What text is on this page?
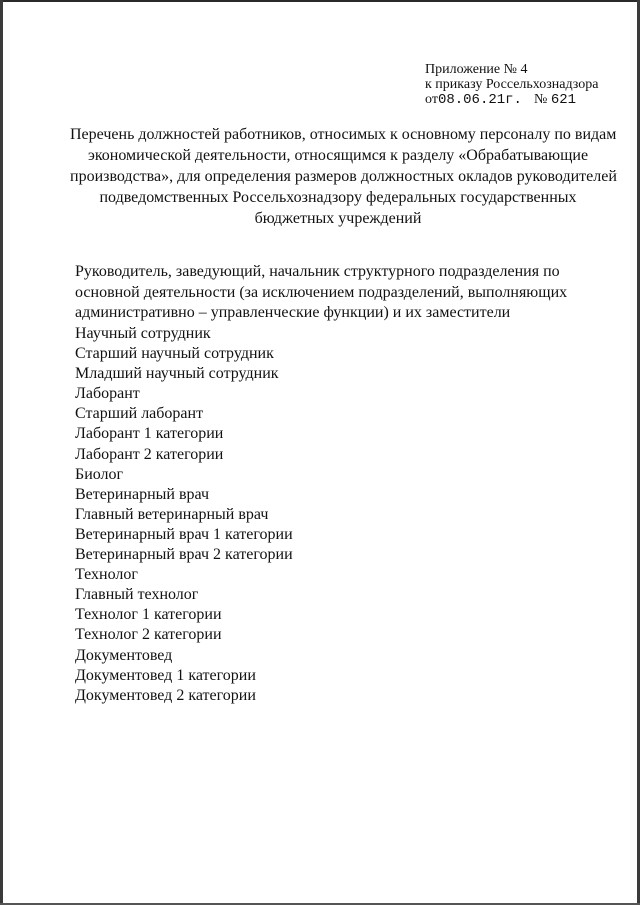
Приложение № 4
к приказу Россельхознадзора
от08.06.21г. № 621
Перечень должностей работников, относимых к основному персоналу по видам
экономической деятельности, относящимся к разделу «Обрабатывающие
производства», для определения размеров должностных окладов руководителей
подведомственных Россельхознадзору федеральных государственных
бюджетных учреждений
Руководитель, заведующий, начальник структурного подразделения по
основной деятельности (за исключением подразделений, выполняющих
административно – управленческие функции) и их заместители
Научный сотрудник
Старший научный сотрудник
Младший научный сотрудник
Лаборант
Старший лаборант
Лаборант 1 категории
Лаборант 2 категории
Биолог
Ветеринарный врач
Главный ветеринарный врач
Ветеринарный врач 1 категории
Ветеринарный врач 2 категории
Технолог
Главный технолог
Технолог 1 категории
Технолог 2 категории
Документовед
Документовед 1 категории
Документовед 2 категории
